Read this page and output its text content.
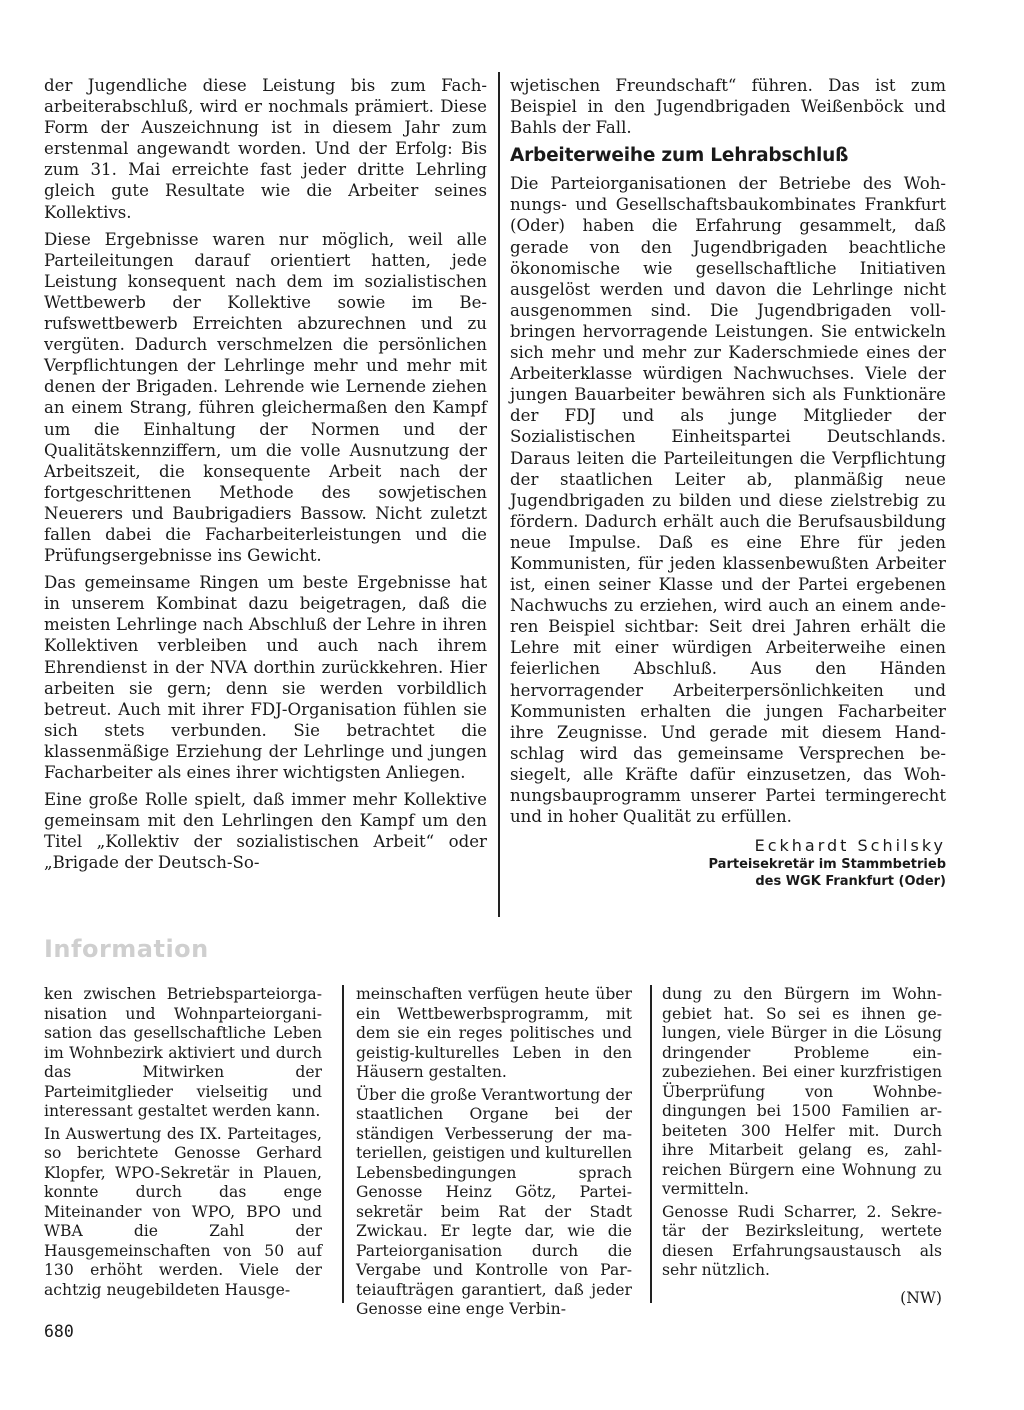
der Jugendliche diese Leistung bis zum Facharbeiterabschluß, wird er nochmals prämiert. Diese Form der Auszeichnung ist in diesem Jahr zum erstenmal angewandt worden. Und der Erfolg: Bis zum 31. Mai erreichte fast jeder dritte Lehrling gleich gute Resultate wie die Arbeiter seines Kollektivs.

Diese Ergebnisse waren nur möglich, weil alle Parteileitungen darauf orientiert hatten, jede Leistung konsequent nach dem im sozialistischen Wettbewerb der Kollektive sowie im Berufswettbewerb Erreichten abzurechnen und zu vergüten. Dadurch verschmelzen die persönlichen Verpflichtungen der Lehrlinge mehr und mehr mit denen der Brigaden. Lehrende wie Lernende ziehen an einem Strang, führen gleichermaßen den Kampf um die Einhaltung der Normen und der Qualitätskennziffern, um die volle Ausnutzung der Arbeitszeit, die konsequente Arbeit nach der fortgeschrittenen Methode des sowjetischen Neuerers und Baubrigadiers Bassow. Nicht zuletzt fallen dabei die Facharbeiterleistungen und die Prüfungsergebnisse ins Gewicht.

Das gemeinsame Ringen um beste Ergebnisse hat in unserem Kombinat dazu beigetragen, daß die meisten Lehrlinge nach Abschluß der Lehre in ihren Kollektiven verbleiben und auch nach ihrem Ehrendienst in der NVA dorthin zurückkehren. Hier arbeiten sie gern; denn sie werden vorbildlich betreut. Auch mit ihrer FDJ-Organisation fühlen sie sich stets verbunden. Sie betrachtet die klassenmäßige Erziehung der Lehrlinge und jungen Facharbeiter als eines ihrer wichtigsten Anliegen.

Eine große Rolle spielt, daß immer mehr Kollektive gemeinsam mit den Lehrlingen den Kampf um den Titel „Kollektiv der sozialistischen Arbeit“ oder „Brigade der Deutsch-So-

wjetischen Freundschaft“ führen. Das ist zum Beispiel in den Jugendbrigaden Weißenböck und Bahls der Fall.

Arbeiterweihe zum Lehrabschluß

Die Parteiorganisationen der Betriebe des Wohnungs- und Gesellschaftsbaukombinates Frankfurt (Oder) haben die Erfahrung gesammelt, daß gerade von den Jugendbrigaden beachtliche ökonomische wie gesellschaftliche Initiativen ausgelöst werden und davon die Lehrlinge nicht ausgenommen sind. Die Jugendbrigaden vollbringen hervorragende Leistungen. Sie entwickeln sich mehr und mehr zur Kaderschmiede eines der Arbeiterklasse würdigen Nachwuchses. Viele der jungen Bauarbeiter bewähren sich als Funktionäre der FDJ und als junge Mitglieder der Sozialistischen Einheitspartei Deutschlands. Daraus leiten die Parteileitungen die Verpflichtung der staatlichen Leiter ab, planmäßig neue Jugendbrigaden zu bilden und diese zielstrebig zu fördern. Dadurch erhält auch die Berufsausbildung neue Impulse. Daß es eine Ehre für jeden Kommunisten, für jeden klassenbewußten Arbeiter ist, einen seiner Klasse und der Partei ergebenen Nachwuchs zu erziehen, wird auch an einem anderen Beispiel sichtbar: Seit drei Jahren erhält die Lehre mit einer würdigen Arbeiterweihe einen feierlichen Abschluß. Aus den Händen hervorragender Arbeiterpersönlichkeiten und Kommunisten erhalten die jungen Facharbeiter ihre Zeugnisse. Und gerade mit diesem Handschlag wird das gemeinsame Versprechen besiegelt, alle Kräfte dafür einzusetzen, das Wohnungsbauprogramm unserer Partei termingerecht und in hoher Qualität zu erfüllen.

Eckhardt Schilsky
Parteisekretär im Stammbetrieb
des WGK Frankfurt (Oder)
Information

ken zwischen Betriebsparteiorganisation und Wohnparteiorganisation das gesellschaftliche Leben im Wohnbezirk aktiviert und durch das Mitwirken der Parteimitglieder vielseitig und interessant gestaltet werden kann.

In Auswertung des IX. Parteitages, so berichtete Genosse Gerhard Klopfer, WPO-Sekretär in Plauen, konnte durch das enge Miteinander von WPO, BPO und WBA die Zahl der Hausgemeinschaften von 50 auf 130 erhöht werden. Viele der achtzig neugebildeten Hausge-

meinschaften verfügen heute über ein Wettbewerbsprogramm, mit dem sie ein reges politisches und geistig-kulturelles Leben in den Häusern gestalten.

Über die große Verantwortung der staatlichen Organe bei der ständigen Verbesserung der materiellen, geistigen und kulturellen Lebensbedingungen sprach Genosse Heinz Götz, Parteisekretär beim Rat der Stadt Zwickau. Er legte dar, wie die Parteiorganisation durch die Vergabe und Kontrolle von Parteiaufträgen garantiert, daß jeder Genosse eine enge Verbin-

dung zu den Bürgern im Wohngebiet hat. So sei es ihnen gelungen, viele Bürger in die Lösung dringender Probleme einzubeziehen. Bei einer kurzfristigen Überprüfung von Wohnbedingungen bei 1500 Familien arbeiteten 300 Helfer mit. Durch ihre Mitarbeit gelang es, zahlreichen Bürgern eine Wohnung zu vermitteln.

Genosse Rudi Scharrer, 2. Sekretär der Bezirksleitung, wertete diesen Erfahrungsaustausch als sehr nützlich.

(NW)
680
